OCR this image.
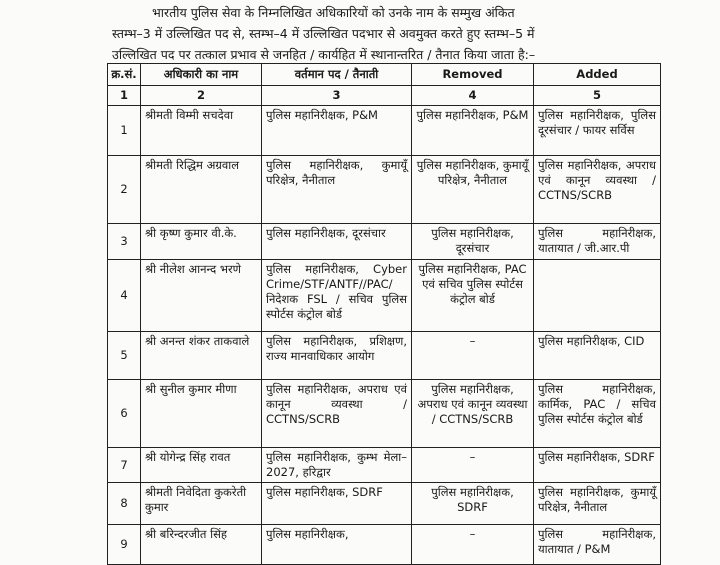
भारतीय पुलिस सेवा के निम्नलिखित अधिकारियों को उनके नाम के सम्मुख अंकित

स्तम्भ–3 में उल्लिखित पद से, स्तम्भ–4 में उल्लिखित पदभार से अवमुक्त करते हुए स्तम्भ–5 में

उल्लिखित पद पर तत्काल प्रभाव से जनहित / कार्यहित में स्थानान्तरित / तैनात किया जाता है:–

क्र.सं.	अधिकारी का नाम	वर्तमान पद / तैनाती	Removed	Added
1	2	3	4	5
1	श्रीमती विम्मी सचदेवा	पुलिस महानिरीक्षक, P&M	पुलिस महानिरीक्षक, P&M	पुलिस महानिरीक्षक, पुलिस दूरसंचार / फायर सर्विस
2	श्रीमती रिद्धिम अग्रवाल	पुलिस महानिरीक्षक, कुमायूँ परिक्षेत्र, नैनीताल	पुलिस महानिरीक्षक, कुमायूँ परिक्षेत्र, नैनीताल	पुलिस महानिरीक्षक, अपराध एवं कानून व्यवस्था / CCTNS/SCRB
3	श्री कृष्ण कुमार वी.के.	पुलिस महानिरीक्षक, दूरसंचार	पुलिस महानिरीक्षक, दूरसंचार	पुलिस महानिरीक्षक, यातायात / जी.आर.पी
4	श्री नीलेश आनन्द भरणे	पुलिस महानिरीक्षक, Cyber Crime/STF/ANTF//PAC/ निदेशक FSL / सचिव पुलिस स्पोर्टस कंट्रोल बोर्ड	पुलिस महानिरीक्षक, PAC एवं सचिव पुलिस स्पोर्टस कंट्रोल बोर्ड	
5	श्री अनन्त शंकर ताकवाले	पुलिस महानिरीक्षक, प्रशिक्षण, राज्य मानवाधिकार आयोग	–	पुलिस महानिरीक्षक, CID
6	श्री सुनील कुमार मीणा	पुलिस महानिरीक्षक, अपराध एवं कानून व्यवस्था / CCTNS/SCRB	पुलिस महानिरीक्षक, अपराध एवं कानून व्यवस्था / CCTNS/SCRB	पुलिस महानिरीक्षक, कार्मिक, PAC / सचिव पुलिस स्पोर्टस कंट्रोल बोर्ड
7	श्री योगेन्द्र सिंह रावत	पुलिस महानिरीक्षक, कुम्भ मेला–2027, हरिद्वार	–	पुलिस महानिरीक्षक, SDRF
8	श्रीमती निवेदिता कुकरेती कुमार	पुलिस महानिरीक्षक, SDRF	पुलिस महानिरीक्षक, SDRF	पुलिस महानिरीक्षक, कुमायूँ परिक्षेत्र, नैनीताल
9	श्री बरिन्दरजीत सिंह	पुलिस महानिरीक्षक,	–	पुलिस महानिरीक्षक, यातायात / P&M
